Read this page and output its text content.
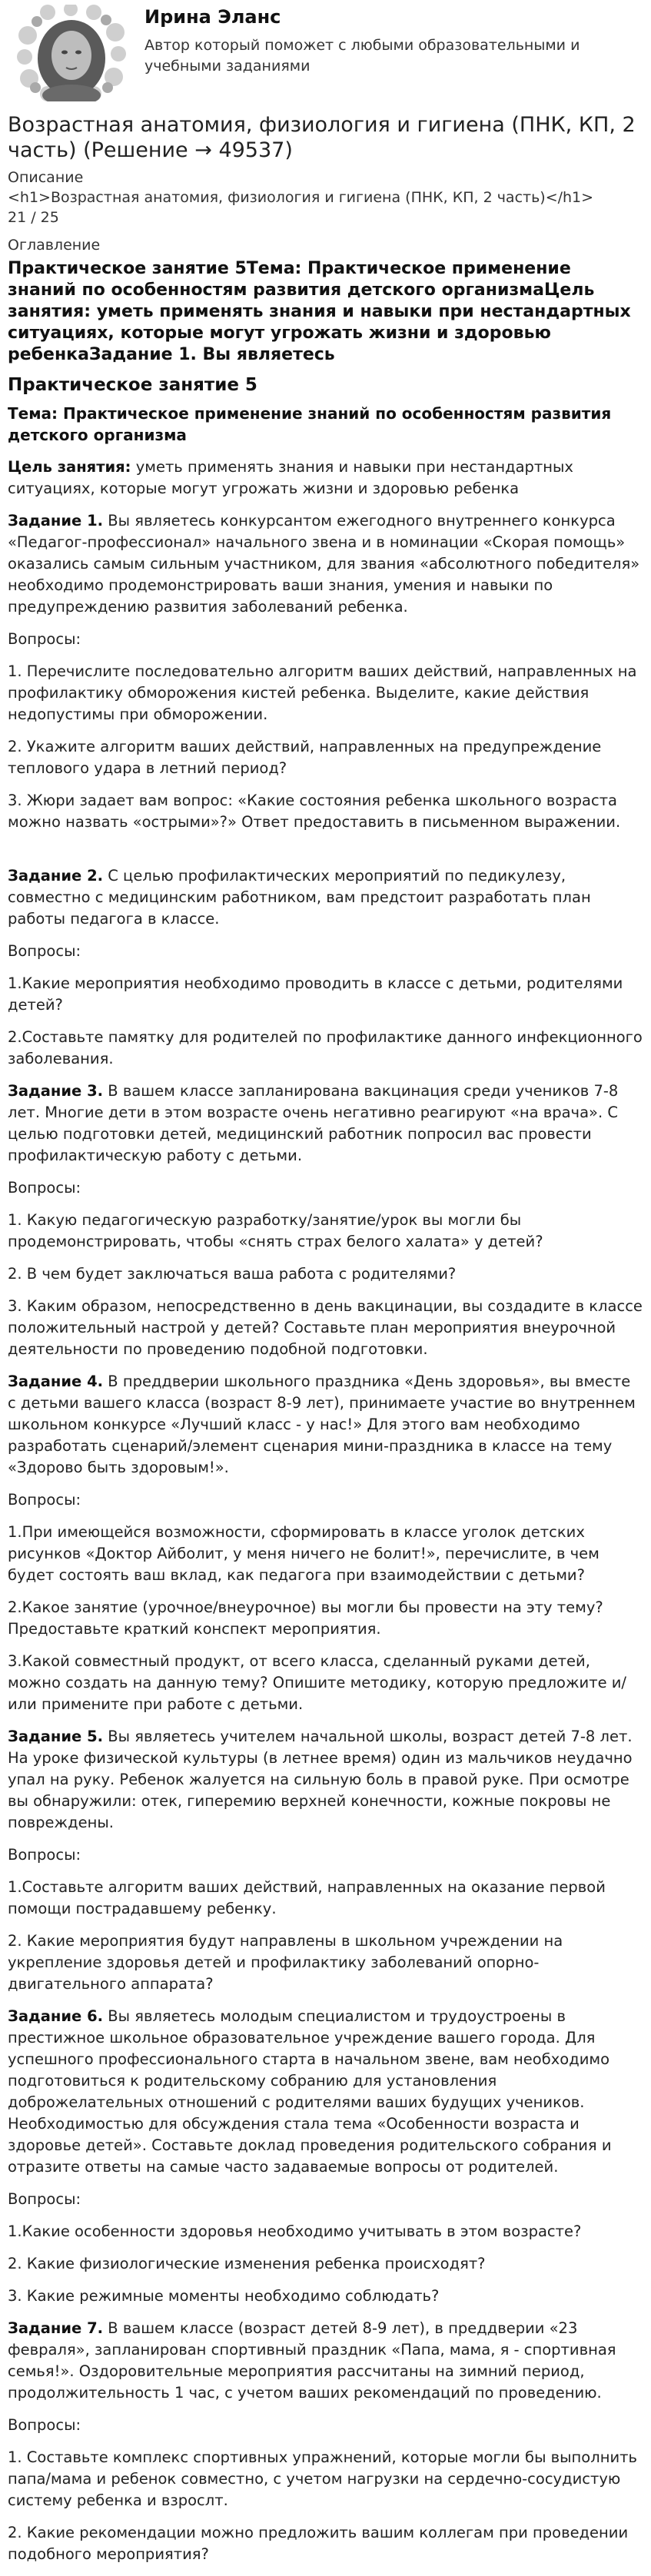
Ирина Эланс
Автор который поможет с любыми образовательными и учебными заданиями
Возрастная анатомия, физиология и гигиена (ПНК, КП, 2 часть) (Решение → 49537)
Описание
<h1>Возрастная анатомия, физиология и гигиена (ПНК, КП, 2 часть)</h1>
21 / 25
Оглавление
Практическое занятие 5Тема: Практическое применение знаний по особенностям развития детского организмаЦель занятия: уметь применять знания и навыки при нестандартных ситуациях, которые могут угрожать жизни и здоровью ребенкаЗадание 1. Вы являетесь
Практическое занятие 5
Тема: Практическое применение знаний по особенностям развития детского организма

Цель занятия: уметь применять знания и навыки при нестандартных ситуациях, которые могут угрожать жизни и здоровью ребенка

Задание 1. Вы являетесь конкурсантом ежегодного внутреннего конкурса «Педагог-профессионал» начального звена и в номинации «Скорая помощь» оказались самым сильным участником, для звания «абсолютного победителя» необходимо продемонстрировать ваши знания, умения и навыки по предупреждению развития заболеваний ребенка.

Вопросы:

1. Перечислите последовательно алгоритм ваших действий, направленных на профилактику обморожения кистей ребенка. Выделите, какие действия недопустимы при обморожении.

2. Укажите алгоритм ваших действий, направленных на предупреждение теплового удара в летний период?

3. Жюри задает вам вопрос: «Какие состояния ребенка школьного возраста можно назвать «острыми»?» Ответ предоставить в письменном выражении.

Задание 2. С целью профилактических мероприятий по педикулезу, совместно с медицинским работником, вам предстоит разработать план работы педагога в классе.

Вопросы:

1.Какие мероприятия необходимо проводить в классе с детьми, родителями детей?

2.Составьте памятку для родителей по профилактике данного инфекционного заболевания.

Задание 3. В вашем классе запланирована вакцинация среди учеников 7-8 лет. Многие дети в этом возрасте очень негативно реагируют «на врача». С целью подготовки детей, медицинский работник попросил вас провести профилактическую работу с детьми.

Вопросы:

1. Какую педагогическую разработку/занятие/урок вы могли бы продемонстрировать, чтобы «снять страх белого халата» у детей?

2. В чем будет заключаться ваша работа с родителями?

3. Каким образом, непосредственно в день вакцинации, вы создадите в классе положительный настрой у детей? Составьте план мероприятия внеурочной деятельности по проведению подобной подготовки.

Задание 4. В преддверии школьного праздника «День здоровья», вы вместе с детьми вашего класса (возраст 8-9 лет), принимаете участие во внутреннем школьном конкурсе «Лучший класс - у нас!» Для этого вам необходимо разработать сценарий/элемент сценария мини-праздника в классе на тему «Здорово быть здоровым!».

Вопросы:

1.При имеющейся возможности, сформировать в классе уголок детских рисунков «Доктор Айболит, у меня ничего не болит!», перечислите, в чем будет состоять ваш вклад, как педагога при взаимодействии с детьми?

2.Какое занятие (урочное/внеурочное) вы могли бы провести на эту тему? Предоставьте краткий конспект мероприятия.

3.Какой совместный продукт, от всего класса, сделанный руками детей, можно создать на данную тему? Опишите методику, которую предложите и/или примените при работе с детьми.

Задание 5. Вы являетесь учителем начальной школы, возраст детей 7-8 лет. На уроке физической культуры (в летнее время) один из мальчиков неудачно упал на руку. Ребенок жалуется на сильную боль в правой руке. При осмотре вы обнаружили: отек, гиперемию верхней конечности, кожные покровы не повреждены.

Вопросы:

1.Составьте алгоритм ваших действий, направленных на оказание первой помощи пострадавшему ребенку.

2. Какие мероприятия будут направлены в школьном учреждении на укрепление здоровья детей и профилактику заболеваний опорно-двигательного аппарата?

Задание 6. Вы являетесь молодым специалистом и трудоустроены в престижное школьное образовательное учреждение вашего города. Для успешного профессионального старта в начальном звене, вам необходимо подготовиться к родительскому собранию для установления доброжелательных отношений с родителями ваших будущих учеников. Необходимостью для обсуждения стала тема «Особенности возраста и здоровье детей». Составьте доклад проведения родительского собрания и отразите ответы на самые часто задаваемые вопросы от родителей.

Вопросы:

1.Какие особенности здоровья необходимо учитывать в этом возрасте?

2. Какие физиологические изменения ребенка происходят?

3. Какие режимные моменты необходимо соблюдать?

Задание 7. В вашем классе (возраст детей 8-9 лет), в преддверии «23 февраля», запланирован спортивный праздник «Папа, мама, я - спортивная семья!». Оздоровительные мероприятия рассчитаны на зимний период, продолжительность 1 час, с учетом ваших рекомендаций по проведению.

Вопросы:

1. Составьте комплекс спортивных упражнений, которые могли бы выполнить папа/мама и ребенок совместно, с учетом нагрузки на сердечно-сосудистую систему ребенка и взрослт.

2. Какие рекомендации можно предложить вашим коллегам при проведении подобного мероприятия?
